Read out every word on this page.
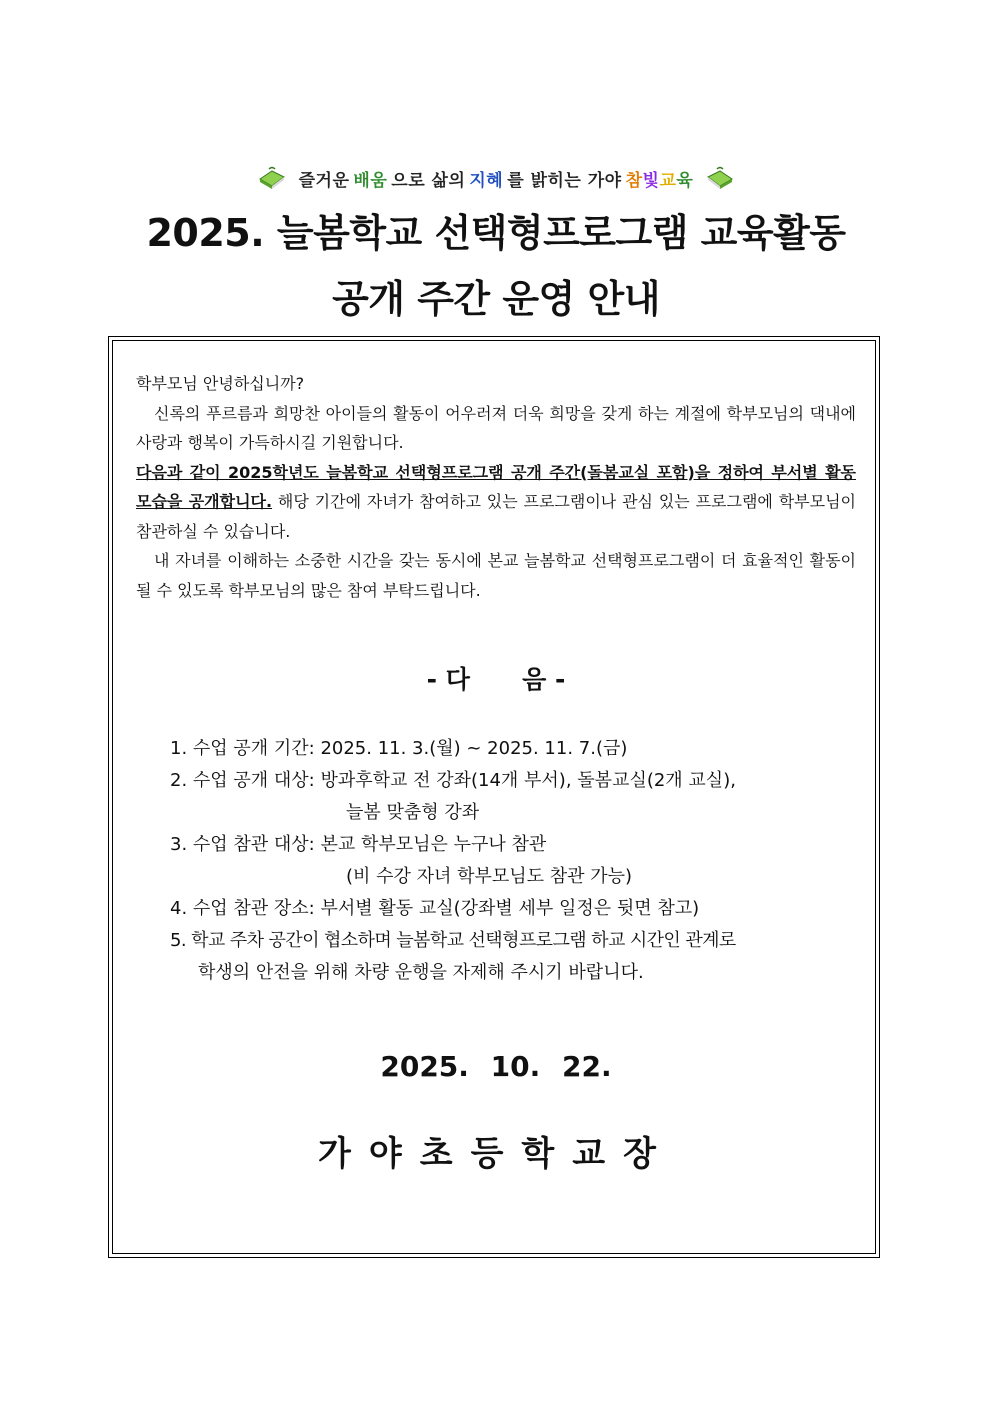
즐거운 배움 으로 삶의 지혜 를 밝히는 가야 참 빛 교 육
2025. 늘봄학교 선택형프로그램 교육활동
공개 주간 운영 안내

학부모님 안녕하십니까?

신록의 푸르름과 희망찬 아이들의 활동이 어우러져 더욱 희망을 갖게 하는 계절에 학부모님의 댁내에 사랑과 행복이 가득하시길 기원합니다.

다음과 같이 2025학년도 늘봄학교 선택형프로그램 공개 주간(돌봄교실 포함)을 정하여 부서별 활동 모습을 공개합니다. 해당 기간에 자녀가 참여하고 있는 프로그램이나 관심 있는 프로그램에 학부모님이 참관하실 수 있습니다.

내 자녀를 이해하는 소중한 시간을 갖는 동시에 본교 늘봄학교 선택형프로그램이 더 효율적인 활동이 될 수 있도록 학부모님의 많은 참여 부탁드립니다.

- 다      음 -
1. 수업 공개 기간: 2025. 11. 3.(월) ~ 2025. 11. 7.(금)
2. 수업 공개 대상: 방과후학교 전 강좌(14개 부서), 돌봄교실(2개 교실),
늘봄 맞춤형 강좌
3. 수업 참관 대상: 본교 학부모님은 누구나 참관
(비 수강 자녀 학부모님도 참관 가능)
4. 수업 참관 장소: 부서별 활동 교실(강좌별 세부 일정은 뒷면 참고)
5. 학교 주차 공간이 협소하며 늘봄학교 선택형프로그램 하교 시간인 관계로
학생의 안전을 위해 차량 운행을 자제해 주시기 바랍니다.
2025. 10. 22.
가야초등학교장
